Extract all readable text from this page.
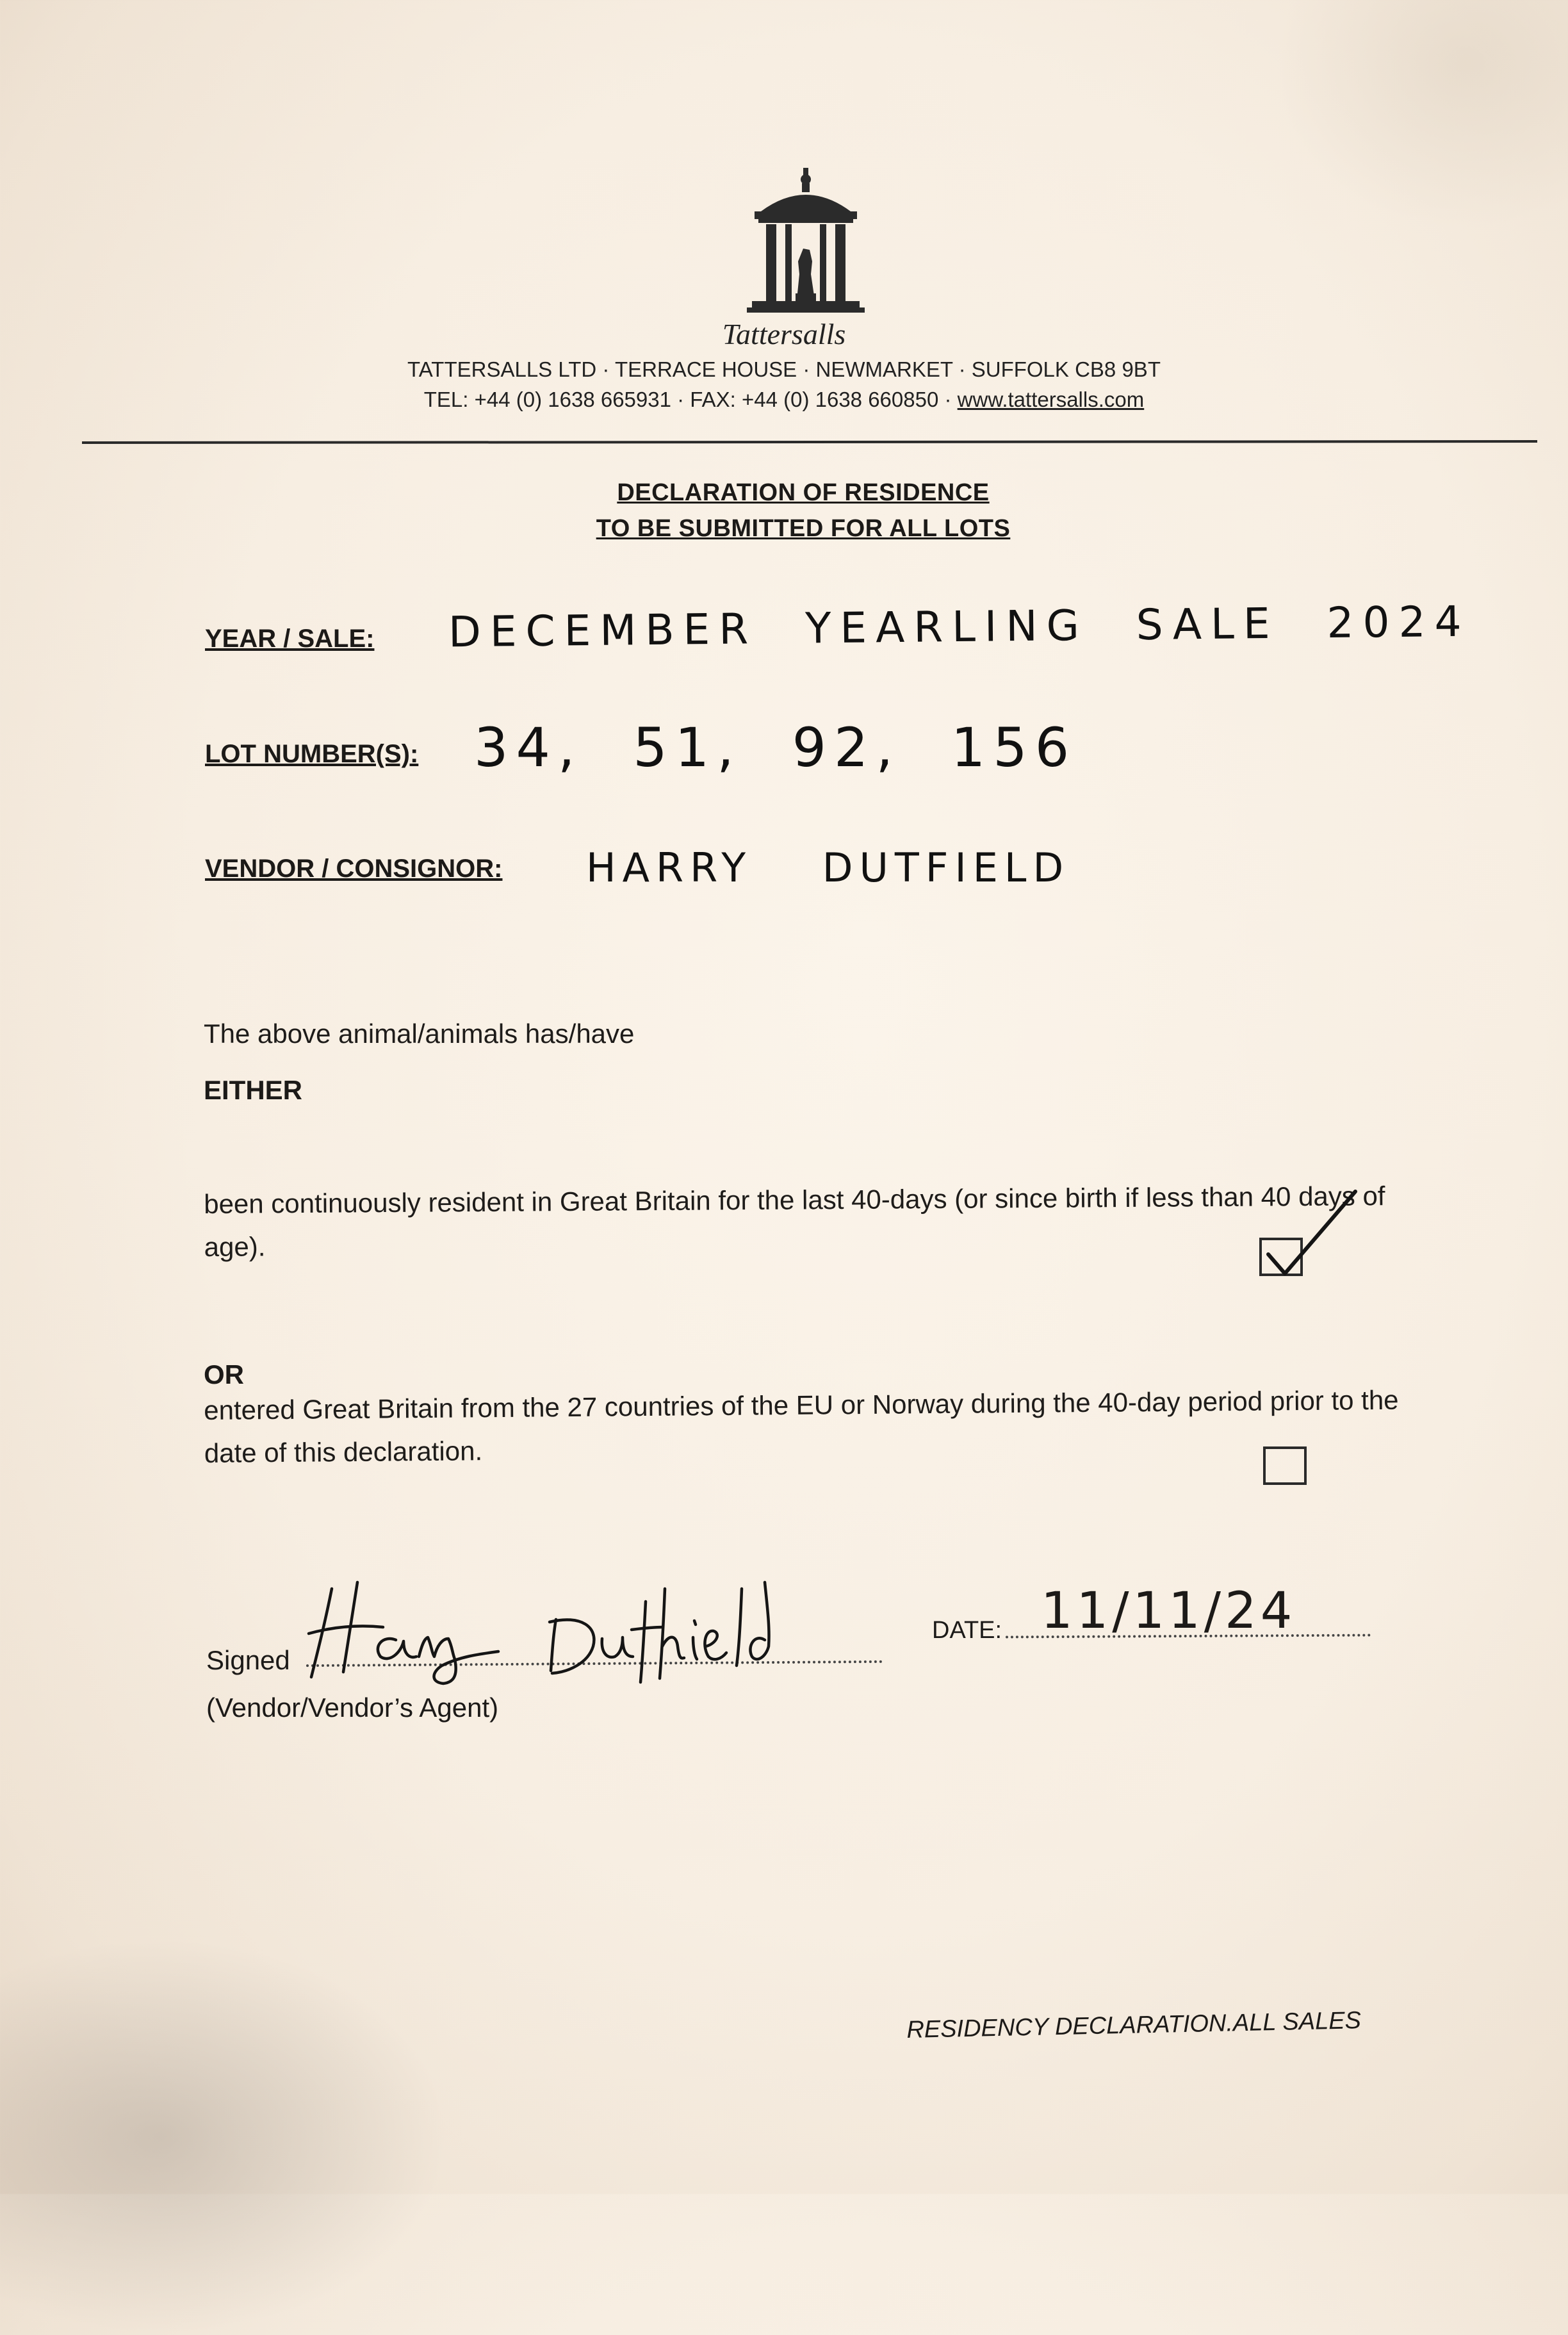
Tattersalls
TATTERSALLS LTD · TERRACE HOUSE · NEWMARKET · SUFFOLK CB8 9BT
TEL: +44 (0) 1638 665931 · FAX: +44 (0) 1638 660850 · www.tattersalls.com
DECLARATION OF RESIDENCE
TO BE SUBMITTED FOR ALL LOTS
YEAR / SALE: DECEMBER YEARLING SALE 2024
LOT NUMBER(S): 34, 51, 92, 156
VENDOR / CONSIGNOR: HARRY DUTFIELD
The above animal/animals has/have
EITHER
been continuously resident in Great Britain for the last 40-days (or since birth if less than 40 days of age).
OR
entered Great Britain from the 27 countries of the EU or Norway during the 40-day period prior to the date of this declaration.
Signed
(Vendor/Vendor’s Agent)
DATE: 11/11/24
RESIDENCY DECLARATION.ALL SALES
